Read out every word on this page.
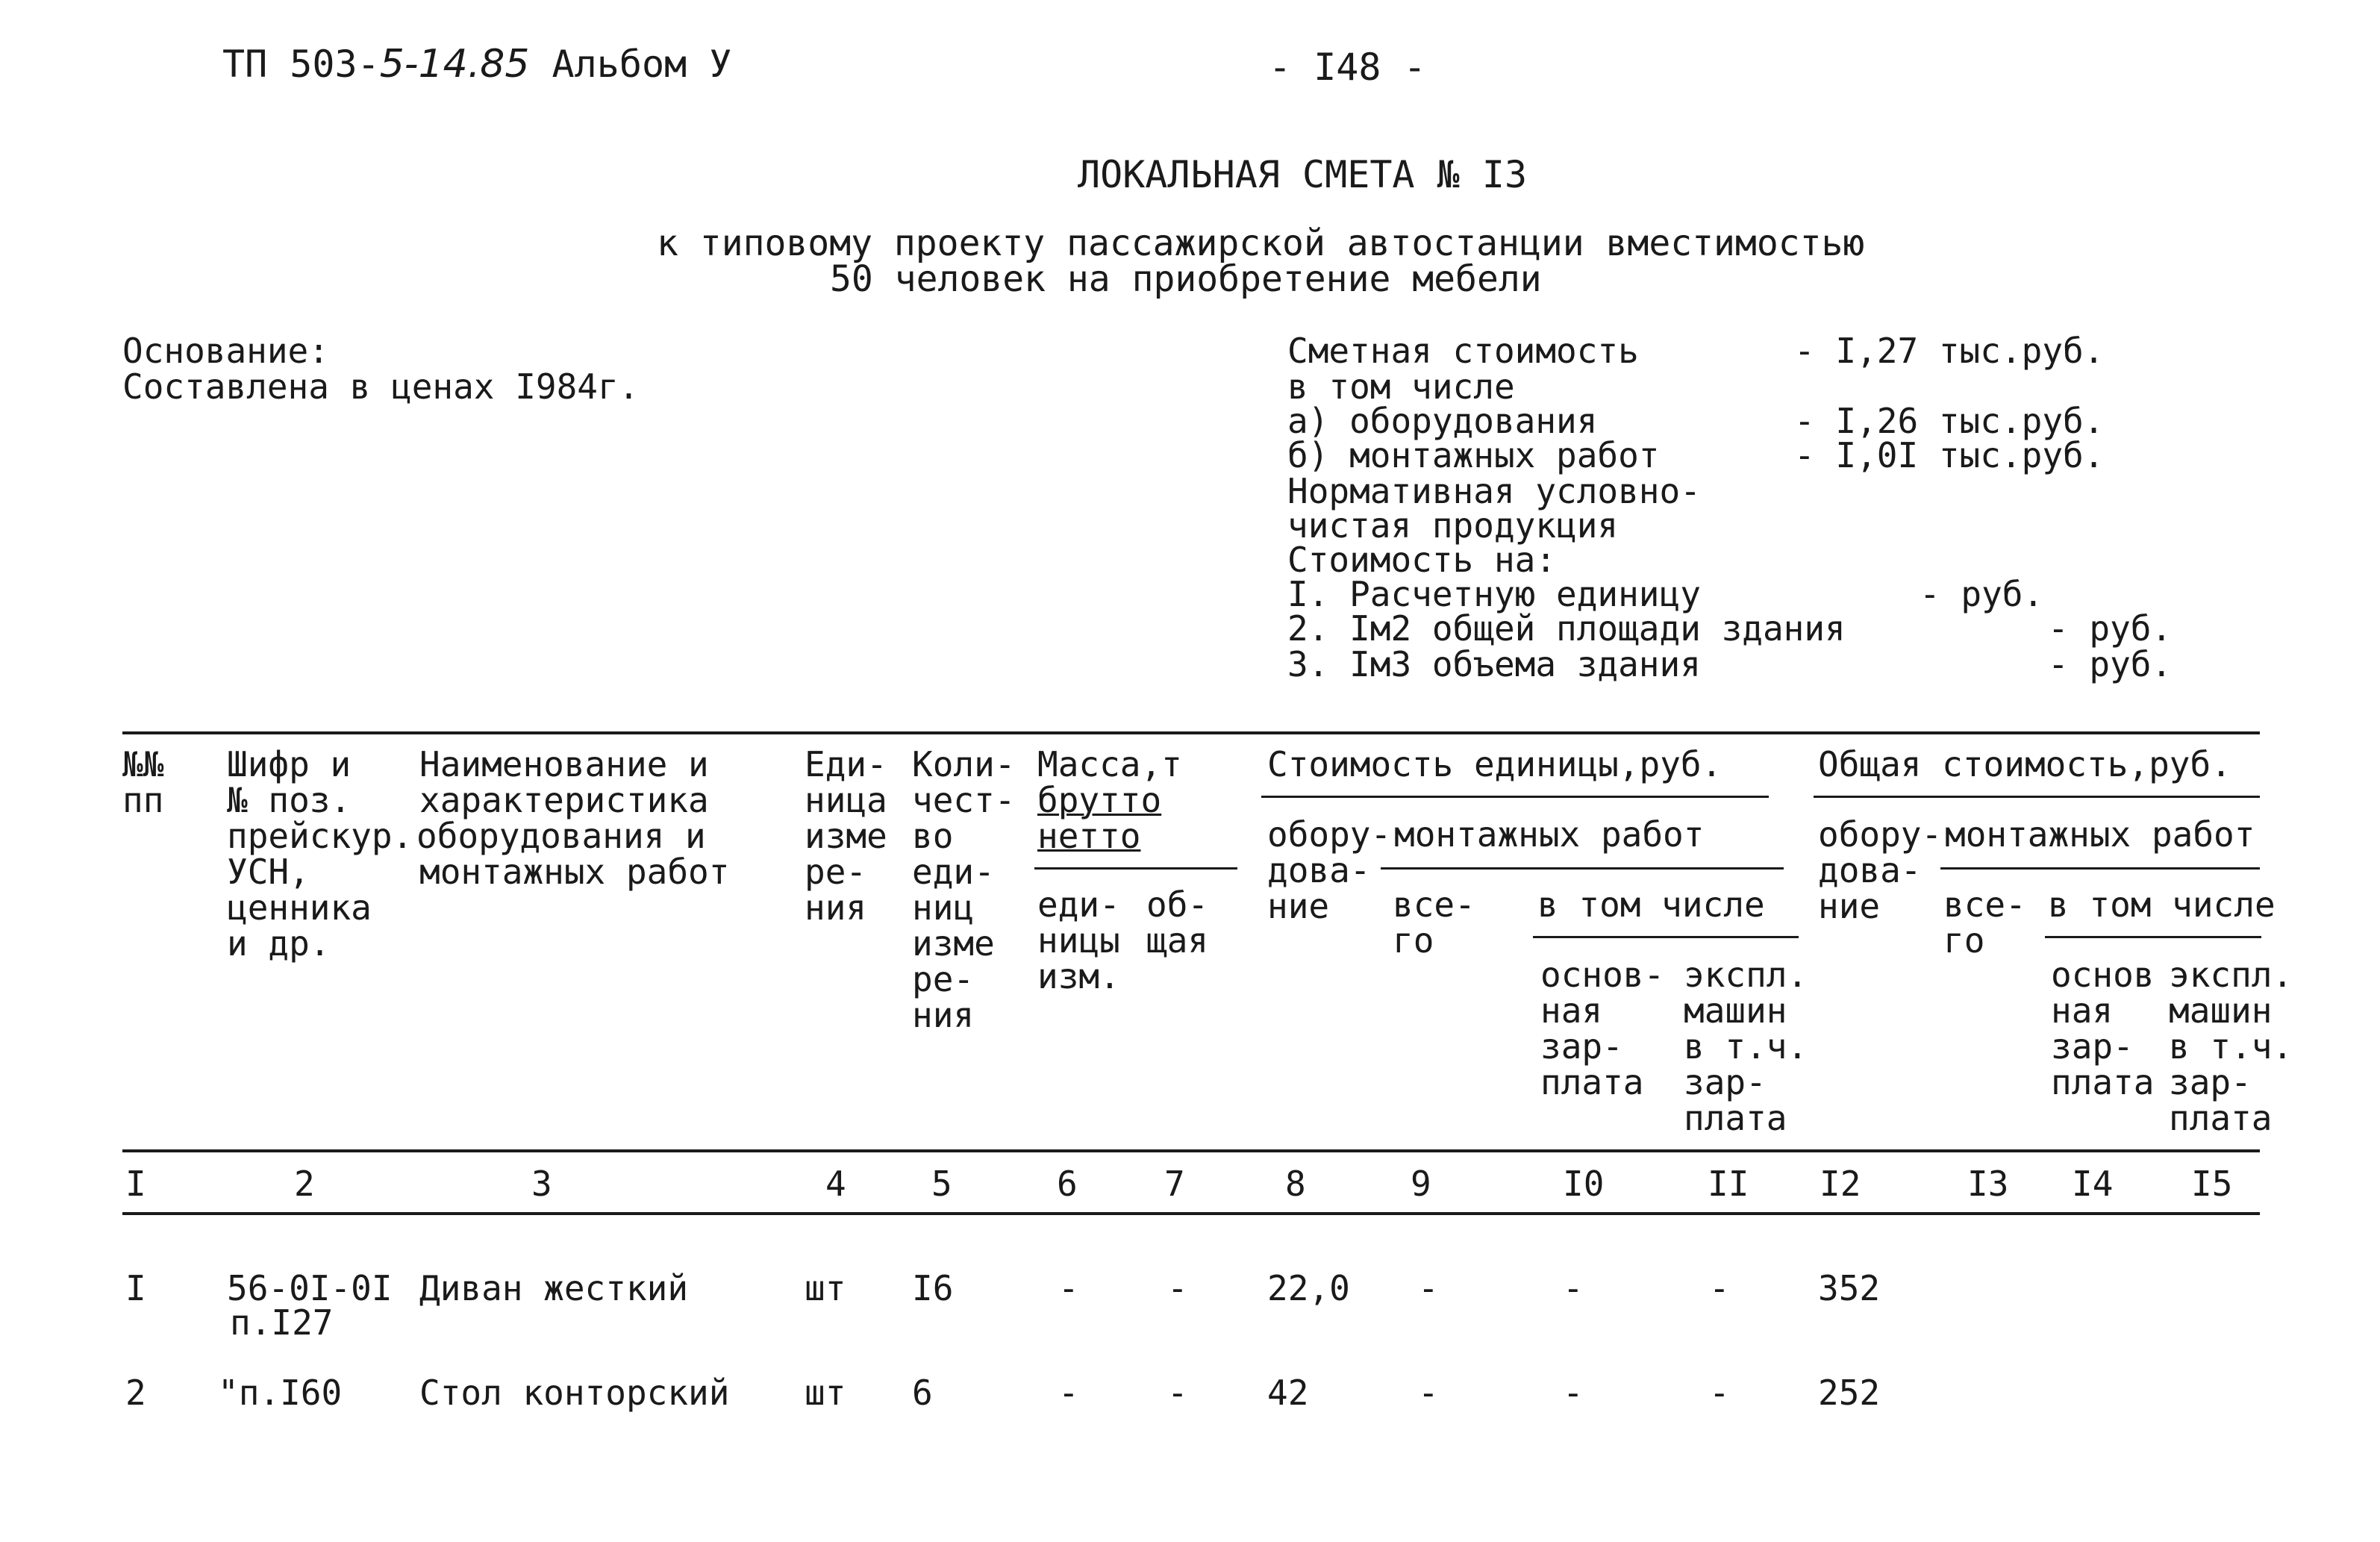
ТП 503-5-14.85 Альбом У	- I48 -
ЛОКАЛЬНАЯ СМЕТА № I3
к типовому проекту пассажирской автостанции вместимостью
50 человек на приобретение мебели
Основание:
Составлена в ценах I984г.
Сметная стоимость	- I,27 тыс.руб.
в том числе
а) оборудования	- I,26 тыс.руб.
б) монтажных работ	- I,0I тыс.руб.
Нормативная условно-
чистая продукция
Стоимость на:
I. Расчетную единицу	- руб.
2. Iм2 общей площади здания	- руб.
3. Iм3 объема здания	- руб.
№№
пп
Шифр и
№ поз.
прейскур.
УСН,
ценника
и др.
Наименование и
характеристика
оборудования и
монтажных работ
Еди-
ница
изме
ре-
ния
Коли-
чест-
во
еди-
ниц
изме
ре-
ния
Масса,т
брутто
нетто
еди-
ницы
изм.
об-
щая
Стоимость единицы,руб.
обору-
дова-
ние
монтажных работ
все-
го
в том числе
основ-
ная
зар-
плата
экспл.
машин
в т.ч.
зар-
плата
Общая стоимость,руб.
обору-
дова-
ние
монтажных работ
все-
го
в том числе
основ
ная
зар-
плата
экспл.
машин
в т.ч.
зар-
плата
I	2	3	4 5	6	7	8	9	I0	II I2	I3 I4 I5
I 56-0I-0I
п.I27
Диван жесткий	шт I6	-	- 22,0 -	-	-	352
2 "п.I60 Стол конторский шт 6	-	- 42	-	-	-	252
